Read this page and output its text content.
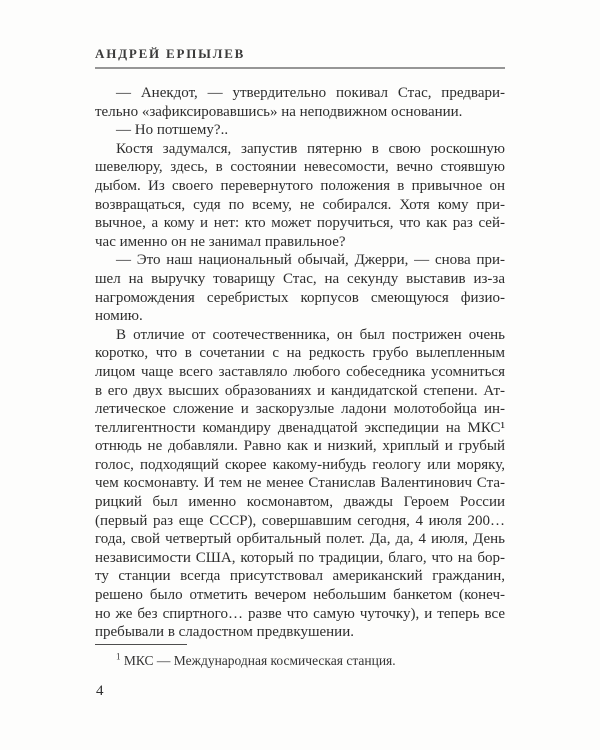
АНДРЕЙ ЕРПЫЛЕВ
— Анекдот, — утвердительно покивал Стас, предвари-
тельно «зафиксировавшись» на неподвижном основании.
— Но потшему?..
Костя задумался, запустив пятерню в свою роскошную
шевелюру, здесь, в состоянии невесомости, вечно стоявшую
дыбом. Из своего перевернутого положения в привычное он
возвращаться, судя по всему, не собирался. Хотя кому при-
вычное, а кому и нет: кто может поручиться, что как раз сей-
час именно он не занимал правильное?
— Это наш национальный обычай, Джерри, — снова при-
шел на выручку товарищу Стас, на секунду выставив из-за
нагромождения серебристых корпусов смеющуюся физио-
номию.
В отличие от соотечественника, он был пострижен очень
коротко, что в сочетании с на редкость грубо вылепленным
лицом чаще всего заставляло любого собеседника усомниться
в его двух высших образованиях и кандидатской степени. Ат-
летическое сложение и заскорузлые ладони молотобойца ин-
теллигентности командиру двенадцатой экспедиции на МКС¹
отнюдь не добавляли. Равно как и низкий, хриплый и грубый
голос, подходящий скорее какому-нибудь геологу или моряку,
чем космонавту. И тем не менее Станислав Валентинович Ста-
рицкий был именно космонавтом, дважды Героем России
(первый раз еще СССР), совершавшим сегодня, 4 июля 200…
года, свой четвертый орбитальный полет. Да, да, 4 июля, День
независимости США, который по традиции, благо, что на бор-
ту станции всегда присутствовал американский гражданин,
решено было отметить вечером небольшим банкетом (конеч-
но же без спиртного… разве что самую чуточку), и теперь все
пребывали в сладостном предвкушении.
$^1$ МКС — Международная космическая станция.
4
